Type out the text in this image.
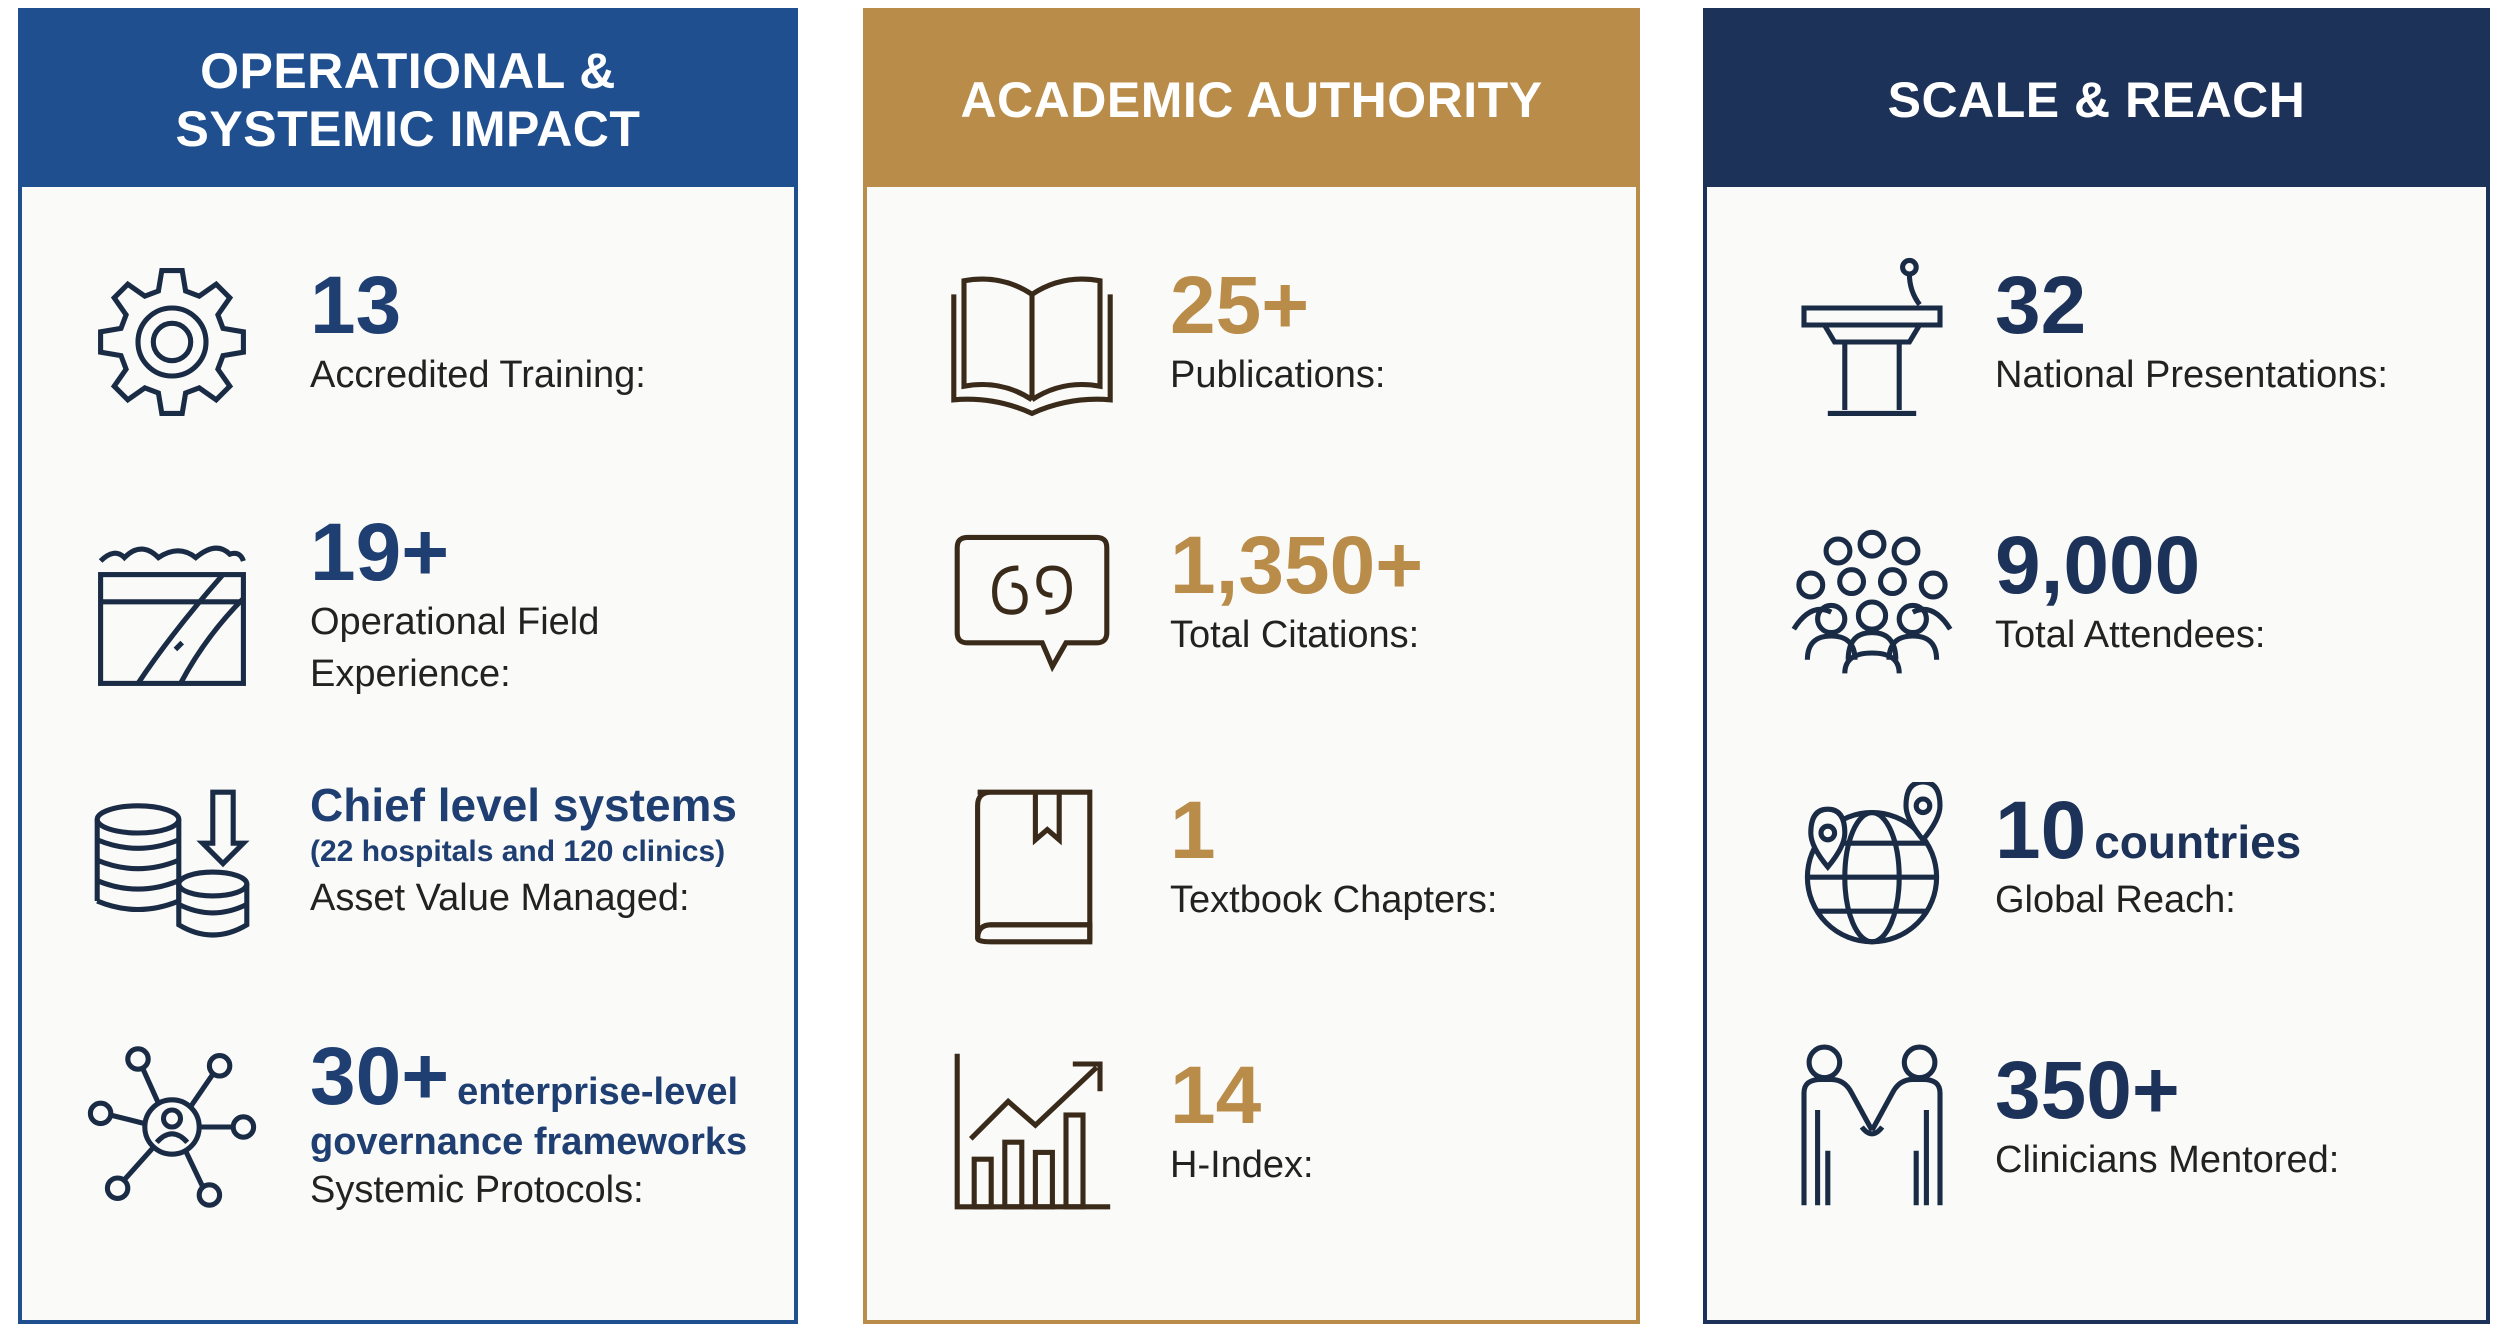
OPERATIONAL &
SYSTEMIC IMPACT
13
Accredited Training:
19+
Operational Field
Experience:
Chief level systems
(22 hospitals and 120 clinics)
Asset Value Managed:
30+ enterprise-level
governance frameworks
Systemic Protocols:
ACADEMIC AUTHORITY
25+
Publications:
1,350+
Total Citations:
1
Textbook Chapters:
14
H-Index:
SCALE & REACH
32
National Presentations:
9,000
Total Attendees:
10 countries
Global Reach:
350+
Clinicians Mentored:
